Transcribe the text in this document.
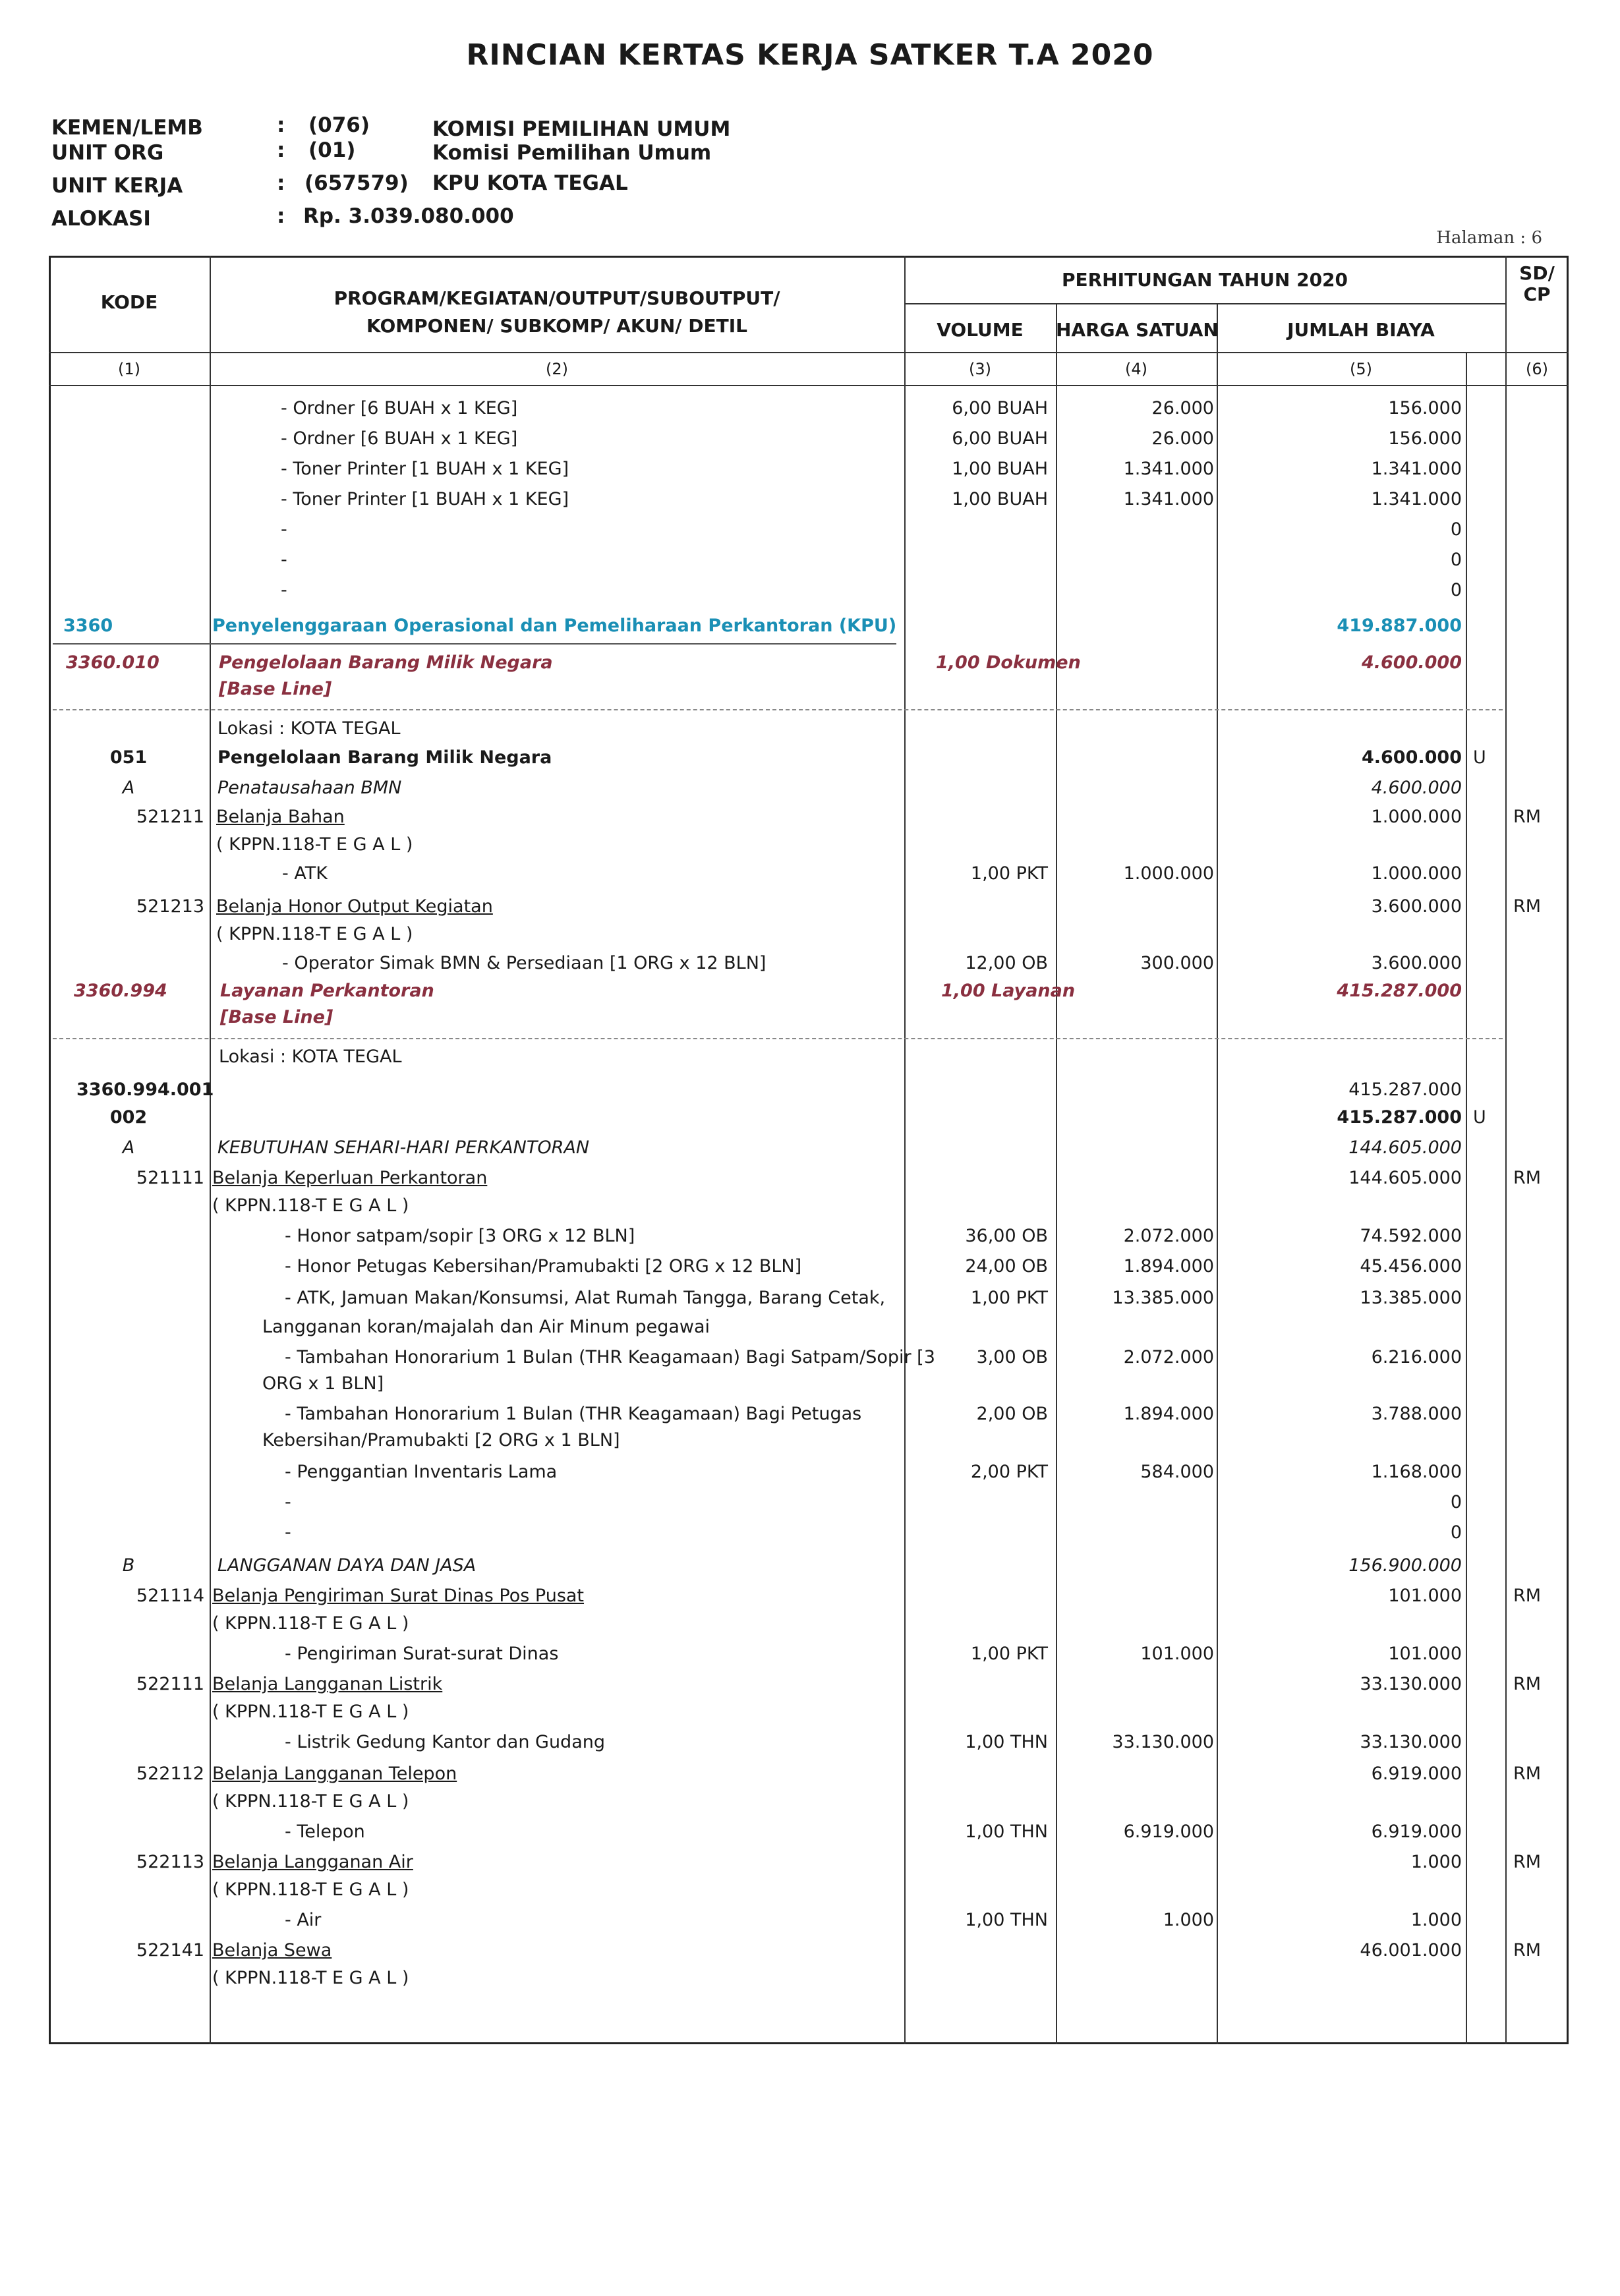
RINCIAN KERTAS KERJA SATKER T.A 2020
KEMEN/LEMB	: (076)	KOMISI PEMILIHAN UMUM
UNIT ORG	: (01)	Komisi Pemilihan Umum
UNIT KERJA	: (657579) KPU KOTA TEGAL
ALOKASI	: Rp. 3.039.080.000
Halaman : 6
KODE	PROGRAM/KEGIATAN/OUTPUT/SUBOUTPUT/
KOMPONEN/ SUBKOMP/ AKUN/ DETIL
PERHITUNGAN TAHUN 2020
VOLUME	HARGA SATUAN	JUMLAH BIAYA
SD/
CP
(1)	(2)	(3)	(4)	(5)	(6)
- Ordner [6 BUAH x 1 KEG]	6,00 BUAH	26.000	156.000
- Ordner [6 BUAH x 1 KEG]	6,00 BUAH	26.000	156.000
- Toner Printer [1 BUAH x 1 KEG]	1,00 BUAH	1.341.000	1.341.000
- Toner Printer [1 BUAH x 1 KEG]	1,00 BUAH	1.341.000	1.341.000
-	0
-	0
-	0
3360	Penyelenggaraan Operasional dan Pemeliharaan Perkantoran (KPU)	419.887.000
3360.010	Pengelolaan Barang Milik Negara	1,00 Dokumen	4.600.000
[Base Line]
Lokasi : KOTA TEGAL
051	Pengelolaan Barang Milik Negara	4.600.000 U
A	Penatausahaan BMN	4.600.000
521211 Belanja Bahan	1.000.000	RM
( KPPN.118-T E G A L )
- ATK	1,00 PKT	1.000.000	1.000.000
521213 Belanja Honor Output Kegiatan	3.600.000	RM
( KPPN.118-T E G A L )
- Operator Simak BMN & Persediaan [1 ORG x 12 BLN]	12,00 OB	300.000	3.600.000
3360.994	Layanan Perkantoran	1,00 Layanan	415.287.000
[Base Line]
Lokasi : KOTA TEGAL
3360.994.001	415.287.000
002	415.287.000 U
A	KEBUTUHAN SEHARI-HARI PERKANTORAN	144.605.000
521111 Belanja Keperluan Perkantoran	144.605.000	RM
( KPPN.118-T E G A L )
- Honor satpam/sopir [3 ORG x 12 BLN]	36,00 OB	2.072.000	74.592.000
- Honor Petugas Kebersihan/Pramubakti [2 ORG x 12 BLN]	24,00 OB	1.894.000	45.456.000
- ATK, Jamuan Makan/Konsumsi, Alat Rumah Tangga, Barang Cetak,	1,00 PKT	13.385.000	13.385.000
Langganan koran/majalah dan Air Minum pegawai
- Tambahan Honorarium 1 Bulan (THR Keagamaan) Bagi Satpam/Sopir [3	3,00 OB	2.072.000	6.216.000
ORG x 1 BLN]
- Tambahan Honorarium 1 Bulan (THR Keagamaan) Bagi Petugas	2,00 OB	1.894.000	3.788.000
Kebersihan/Pramubakti [2 ORG x 1 BLN]
- Penggantian Inventaris Lama	2,00 PKT	584.000	1.168.000
-	0
-	0
B	LANGGANAN DAYA DAN JASA	156.900.000
521114 Belanja Pengiriman Surat Dinas Pos Pusat	101.000	RM
( KPPN.118-T E G A L )
- Pengiriman Surat-surat Dinas	1,00 PKT	101.000	101.000
522111 Belanja Langganan Listrik	33.130.000	RM
( KPPN.118-T E G A L )
- Listrik Gedung Kantor dan Gudang	1,00 THN	33.130.000	33.130.000
522112 Belanja Langganan Telepon	6.919.000	RM
( KPPN.118-T E G A L )
- Telepon	1,00 THN	6.919.000	6.919.000
522113 Belanja Langganan Air	1.000	RM
( KPPN.118-T E G A L )
- Air	1,00 THN	1.000	1.000
522141 Belanja Sewa	46.001.000	RM
( KPPN.118-T E G A L )
